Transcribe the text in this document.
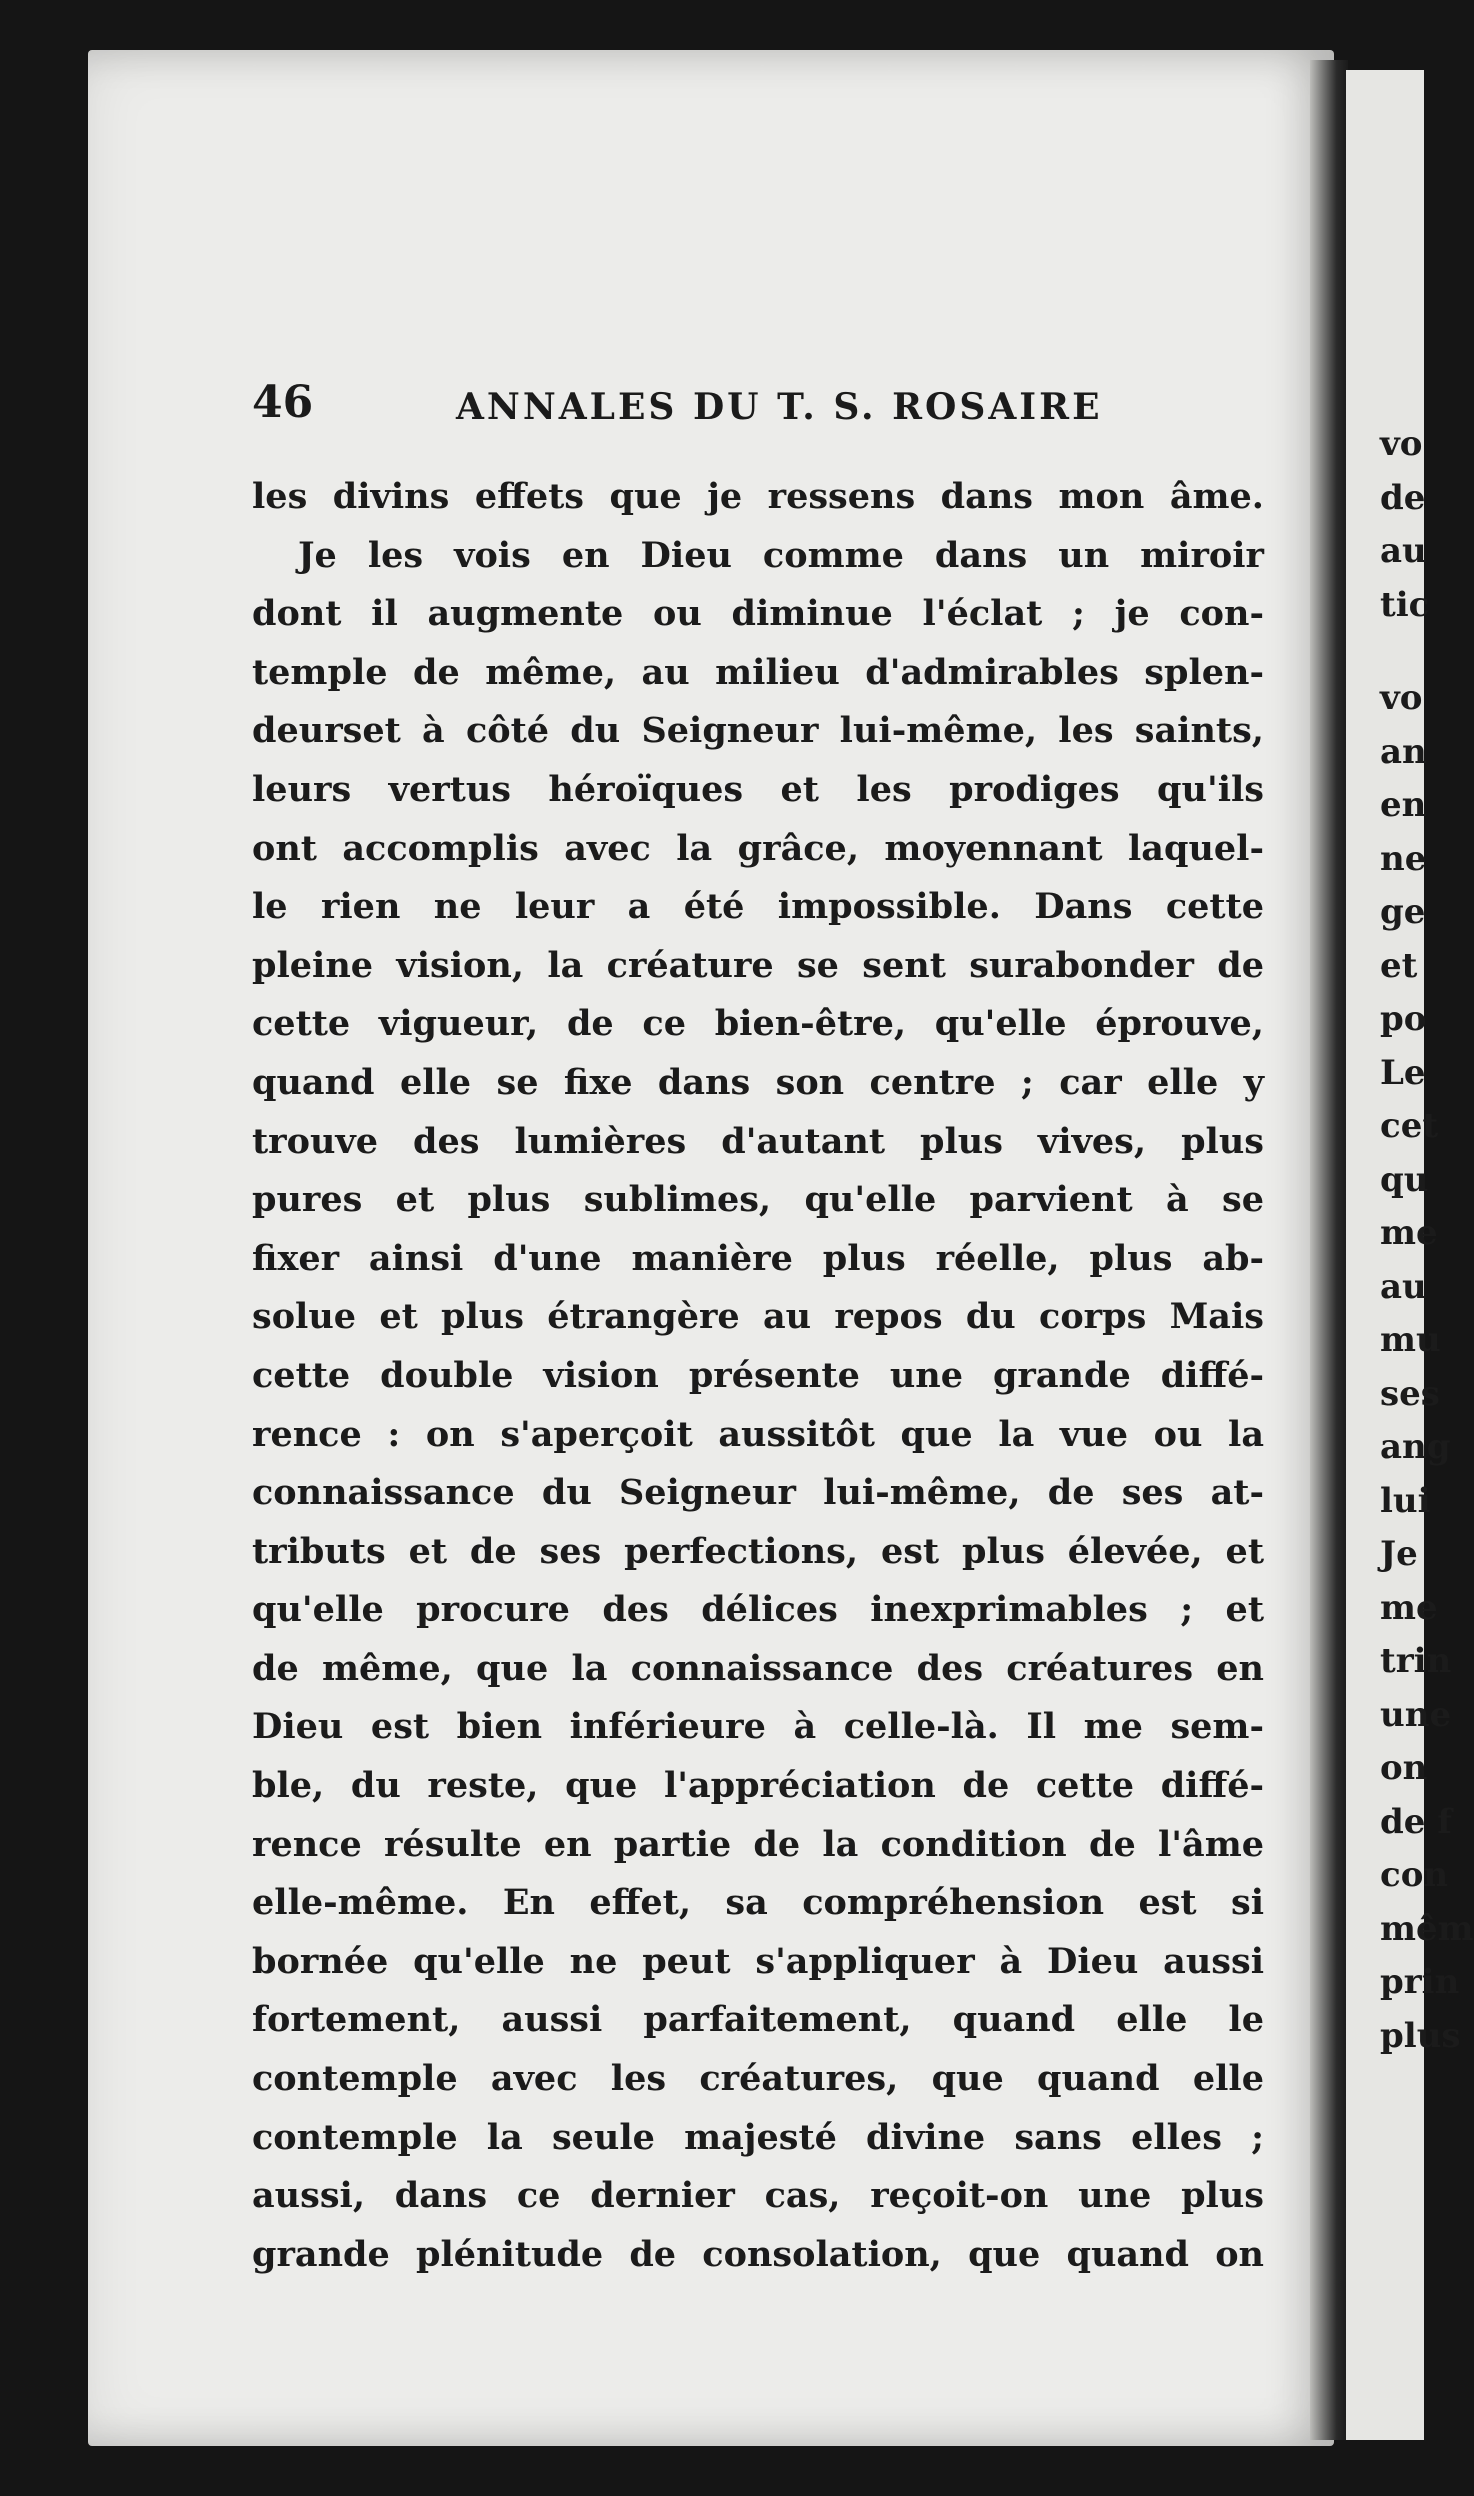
46	ANNALES DU T. S. ROSAIRE
les divins effets que je ressens dans mon âme.
Je les vois en Dieu comme dans un miroir
dont il augmente ou diminue l'éclat ; je con-
temple de même, au milieu d'admirables splen-
deurset à côté du Seigneur lui-même, les saints,
leurs vertus héroïques et les prodiges qu'ils
ont accomplis avec la grâce, moyennant laquel-
le rien ne leur a été impossible. Dans cette
pleine vision, la créature se sent surabonder de
cette vigueur, de ce bien-être, qu'elle éprouve,
quand elle se fixe dans son centre ; car elle y
trouve des lumières d'autant plus vives, plus
pures et plus sublimes, qu'elle parvient à se
fixer ainsi d'une manière plus réelle, plus ab-
solue et plus étrangère au repos du corps Mais
cette double vision présente une grande diffé-
rence : on s'aperçoit aussitôt que la vue ou la
connaissance du Seigneur lui-même, de ses at-
tributs et de ses perfections, est plus élevée, et
qu'elle procure des délices inexprimables ; et
de même, que la connaissance des créatures en
Dieu est bien inférieure à celle-là. Il me sem-
ble, du reste, que l'appréciation de cette diffé-
rence résulte en partie de la condition de l'âme
elle-même. En effet, sa compréhension est si
bornée qu'elle ne peut s'appliquer à Dieu aussi
fortement, aussi parfaitement, quand elle le
contemple avec les créatures, que quand elle
contemple la seule majesté divine sans elles ;
aussi, dans ce dernier cas, reçoit-on une plus
grande plénitude de consolation, que quand on
vo
de
au
tic
vo
an
en
ne
ge
et
po
Le
cet
qu
me
au
mu
ses
ang
lui
Je
me
trin
une
on
de f
con
mêm
prin
plus
